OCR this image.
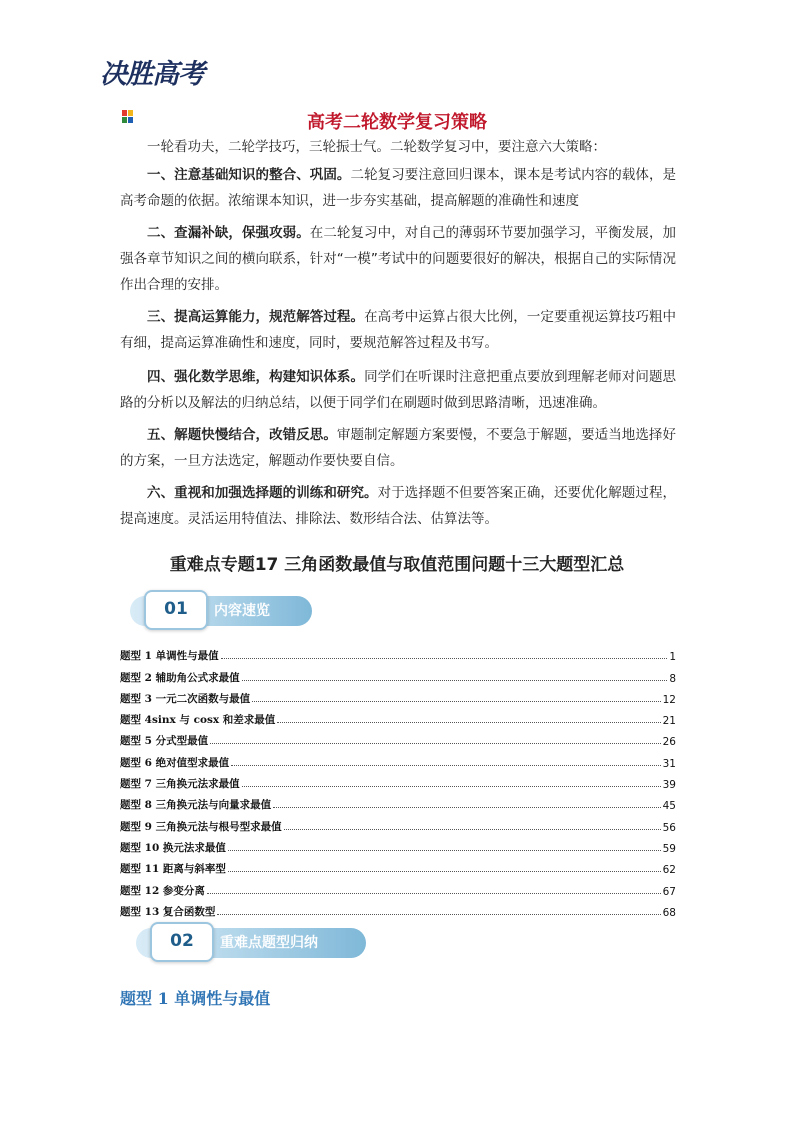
决胜高考
高考二轮数学复习策略
一轮看功夫，二轮学技巧，三轮振士气。二轮数学复习中，要注意六大策略：
一、注意基础知识的整合、巩固。二轮复习要注意回归课本，课本是考试内容的载体，是高考命题的依据。浓缩课本知识，进一步夯实基础，提高解题的准确性和速度
二、查漏补缺，保强攻弱。在二轮复习中，对自己的薄弱环节要加强学习，平衡发展，加强各章节知识之间的横向联系，针对“一模”考试中的问题要很好的解决，根据自己的实际情况作出合理的安排。
三、提高运算能力，规范解答过程。在高考中运算占很大比例，一定要重视运算技巧粗中有细，提高运算准确性和速度，同时，要规范解答过程及书写。
四、强化数学思维，构建知识体系。同学们在听课时注意把重点要放到理解老师对问题思路的分析以及解法的归纳总结，以便于同学们在刷题时做到思路清晰，迅速准确。
五、解题快慢结合，改错反思。审题制定解题方案要慢，不要急于解题，要适当地选择好的方案，一旦方法选定，解题动作要快要自信。
六、重视和加强选择题的训练和研究。对于选择题不但要答案正确，还要优化解题过程，提高速度。灵活运用特值法、排除法、数形结合法、估算法等。
重难点专题17 三角函数最值与取值范围问题十三大题型汇总
01	内容速览
题型 1 单调性与最值	1
题型 2 辅助角公式求最值	8
题型 3 一元二次函数与最值	12
题型 4sinx 与 cosx 和差求最值	21
题型 5 分式型最值	26
题型 6 绝对值型求最值	31
题型 7 三角换元法求最值	39
题型 8 三角换元法与向量求最值	45
题型 9 三角换元法与根号型求最值	56
题型 10 换元法求最值	59
题型 11 距离与斜率型	62
题型 12 参变分离	67
题型 13 复合函数型	68
02	重难点题型归纳
题型 1 单调性与最值
